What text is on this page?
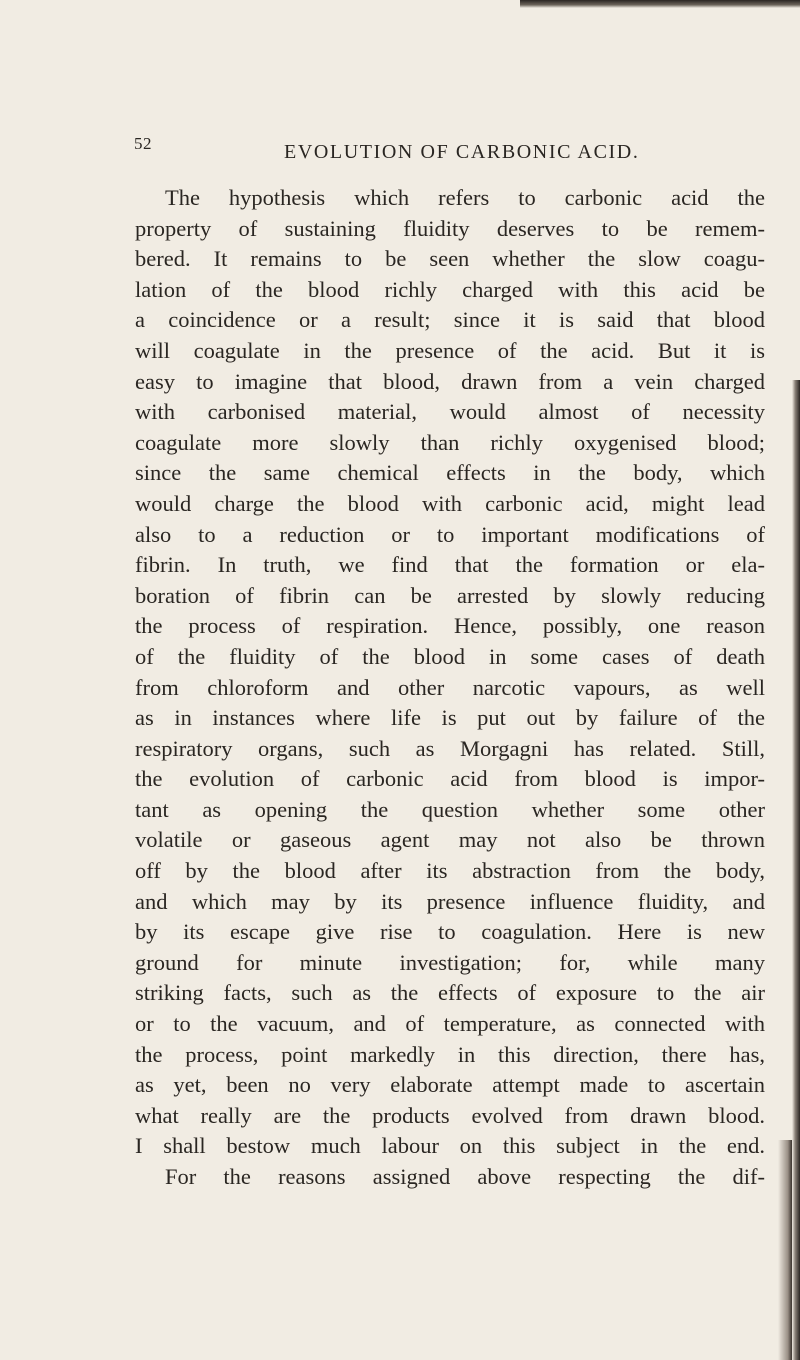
52	EVOLUTION OF CARBONIC ACID.
The hypothesis which refers to carbonic acid the
property of sustaining fluidity deserves to be remem-
bered. It remains to be seen whether the slow coagu-
lation of the blood richly charged with this acid be
a coincidence or a result; since it is said that blood
will coagulate in the presence of the acid. But it is
easy to imagine that blood, drawn from a vein charged
with carbonised material, would almost of necessity
coagulate more slowly than richly oxygenised blood;
since the same chemical effects in the body, which
would charge the blood with carbonic acid, might lead
also to a reduction or to important modifications of
fibrin. In truth, we find that the formation or ela-
boration of fibrin can be arrested by slowly reducing
the process of respiration. Hence, possibly, one reason
of the fluidity of the blood in some cases of death
from chloroform and other narcotic vapours, as well
as in instances where life is put out by failure of the
respiratory organs, such as Morgagni has related. Still,
the evolution of carbonic acid from blood is impor-
tant as opening the question whether some other
volatile or gaseous agent may not also be thrown
off by the blood after its abstraction from the body,
and which may by its presence influence fluidity, and
by its escape give rise to coagulation. Here is new
ground for minute investigation; for, while many
striking facts, such as the effects of exposure to the air
or to the vacuum, and of temperature, as connected with
the process, point markedly in this direction, there has,
as yet, been no very elaborate attempt made to ascertain
what really are the products evolved from drawn blood.
I shall bestow much labour on this subject in the end.
For the reasons assigned above respecting the dif-
